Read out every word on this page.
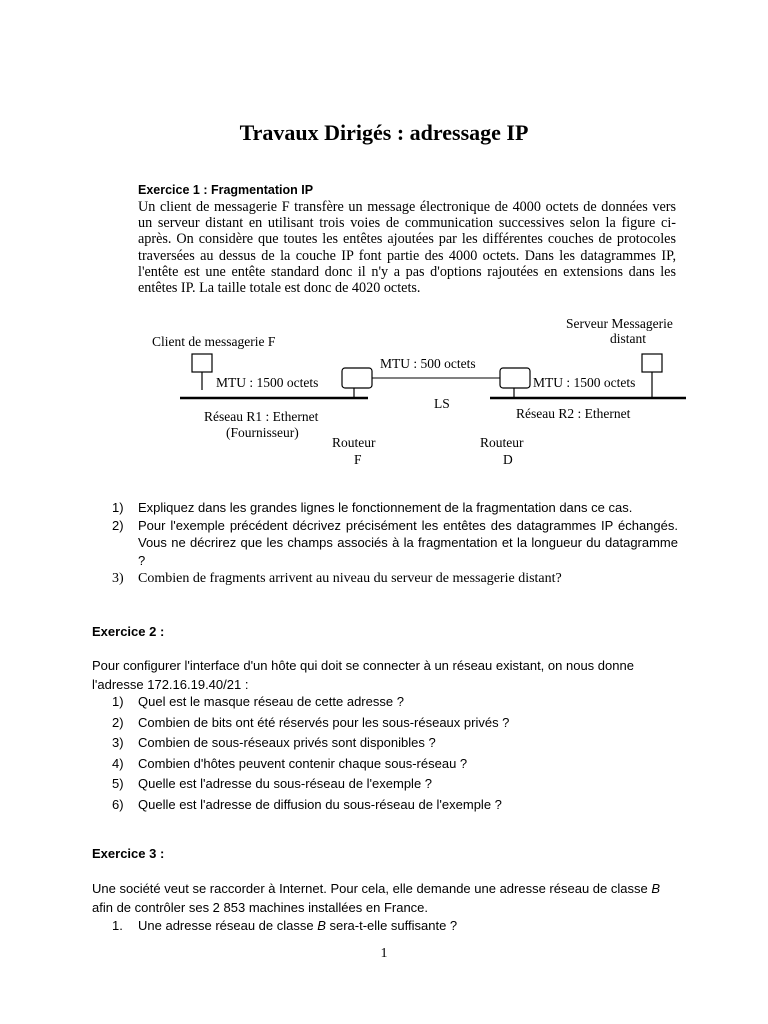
Travaux Dirigés : adressage IP
Exercice 1 : Fragmentation IP
Un client de messagerie F transfère un message électronique de 4000 octets de données vers un serveur distant en utilisant trois voies de communication successives selon la figure ci-après. On considère que toutes les entêtes ajoutées par les différentes couches de protocoles traversées au dessus de la couche IP font partie des 4000 octets. Dans les datagrammes IP, l'entête est une entête standard donc il n'y a pas d'options rajoutées en extensions dans les entêtes IP. La taille totale est donc de 4020 octets.
Client de messagerie F
MTU : 1500 octets
Réseau R1 : Ethernet
(Fournisseur)
Routeur
F
MTU : 500 octets
LS
Routeur
D
MTU : 1500 octets
Réseau R2 : Ethernet
Serveur Messagerie
distant
1) Expliquez dans les grandes lignes le fonctionnement de la fragmentation dans ce cas.
2) Pour l'exemple précédent décrivez précisément les entêtes des datagrammes IP échangés. Vous ne décrirez que les champs associés à la fragmentation et la longueur du datagramme ?
3) Combien de fragments arrivent au niveau du serveur de messagerie distant?
Exercice 2 :
Pour configurer l'interface d'un hôte qui doit se connecter à un réseau existant, on nous donne l'adresse 172.16.19.40/21 :
1) Quel est le masque réseau de cette adresse ?
2) Combien de bits ont été réservés pour les sous-réseaux privés ?
3) Combien de sous-réseaux privés sont disponibles ?
4) Combien d'hôtes peuvent contenir chaque sous-réseau ?
5) Quelle est l'adresse du sous-réseau de l'exemple ?
6) Quelle est l'adresse de diffusion du sous-réseau de l'exemple ?
Exercice 3 :
Une société veut se raccorder à Internet. Pour cela, elle demande une adresse réseau de classe B afin de contrôler ses 2 853 machines installées en France.
1. Une adresse réseau de classe B sera-t-elle suffisante ?
1
